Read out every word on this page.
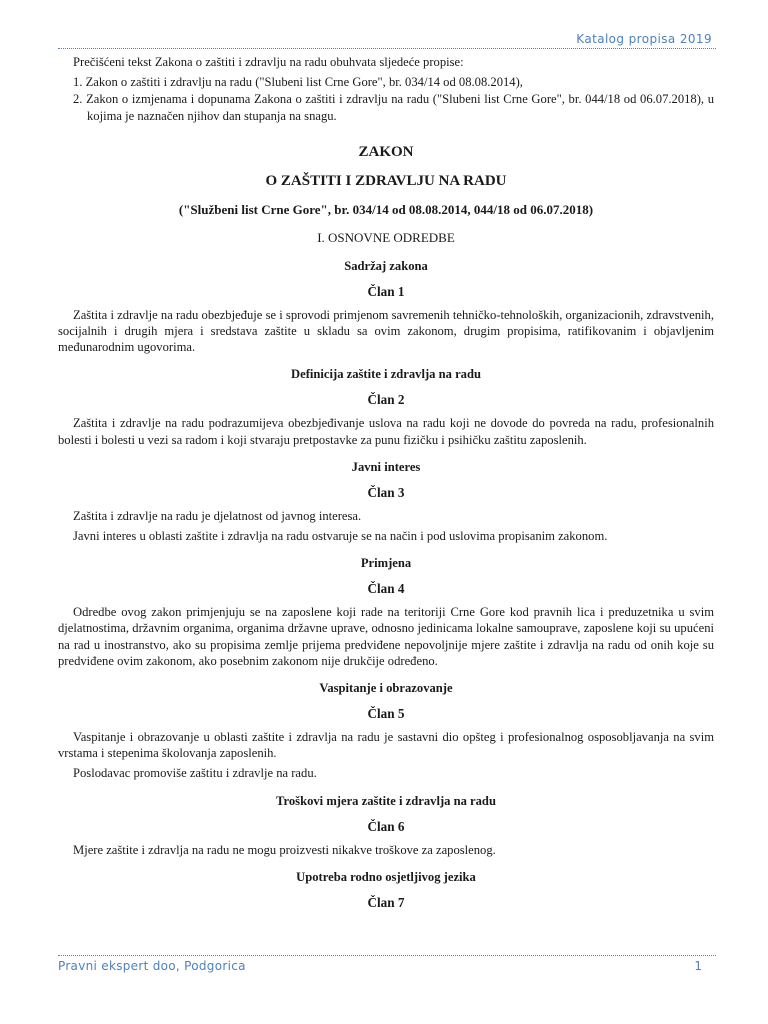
Katalog propisa 2019

Prečišćeni tekst Zakona o zaštiti i zdravlju na radu obuhvata sljedeće propise:

1. Zakon o zaštiti i zdravlju na radu ("Slubeni list Crne Gore", br. 034/14 od 08.08.2014),

2. Zakon o izmjenama i dopunama Zakona o zaštiti i zdravlju na radu ("Slubeni list Crne Gore", br. 044/18 od 06.07.2018), u kojima je naznačen njihov dan stupanja na snagu.

ZAKON
O ZAŠTITI I ZDRAVLJU NA RADU
("Službeni list Crne Gore", br. 034/14 od 08.08.2014, 044/18 od 06.07.2018)
I. OSNOVNE ODREDBE
Sadržaj zakona
Član 1

Zaštita i zdravlje na radu obezbjeđuje se i sprovodi primjenom savremenih tehničko-tehnoloških, organizacionih, zdravstvenih, socijalnih i drugih mjera i sredstava zaštite u skladu sa ovim zakonom, drugim propisima, ratifikovanim i objavljenim međunarodnim ugovorima.

Definicija zaštite i zdravlja na radu
Član 2

Zaštita i zdravlje na radu podrazumijeva obezbjeđivanje uslova na radu koji ne dovode do povreda na radu, profesionalnih bolesti i bolesti u vezi sa radom i koji stvaraju pretpostavke za punu fizičku i psihičku zaštitu zaposlenih.

Javni interes
Član 3

Zaštita i zdravlje na radu je djelatnost od javnog interesa.

Javni interes u oblasti zaštite i zdravlja na radu ostvaruje se na način i pod uslovima propisanim zakonom.

Primjena
Član 4

Odredbe ovog zakon primjenjuju se na zaposlene koji rade na teritoriji Crne Gore kod pravnih lica i preduzetnika u svim djelatnostima, državnim organima, organima državne uprave, odnosno jedinicama lokalne samouprave, zaposlene koji su upućeni na rad u inostranstvo, ako su propisima zemlje prijema predviđene nepovoljnije mjere zaštite i zdravlja na radu od onih koje su predviđene ovim zakonom, ako posebnim zakonom nije drukčije određeno.

Vaspitanje i obrazovanje
Član 5

Vaspitanje i obrazovanje u oblasti zaštite i zdravlja na radu je sastavni dio opšteg i profesionalnog osposobljavanja na svim vrstama i stepenima školovanja zaposlenih.

Poslodavac promoviše zaštitu i zdravlje na radu.

Troškovi mjera zaštite i zdravlja na radu
Član 6

Mjere zaštite i zdravlja na radu ne mogu proizvesti nikakve troškove za zaposlenog.

Upotreba rodno osjetljivog jezika
Član 7
Pravni ekspert doo, Podgorica	1
